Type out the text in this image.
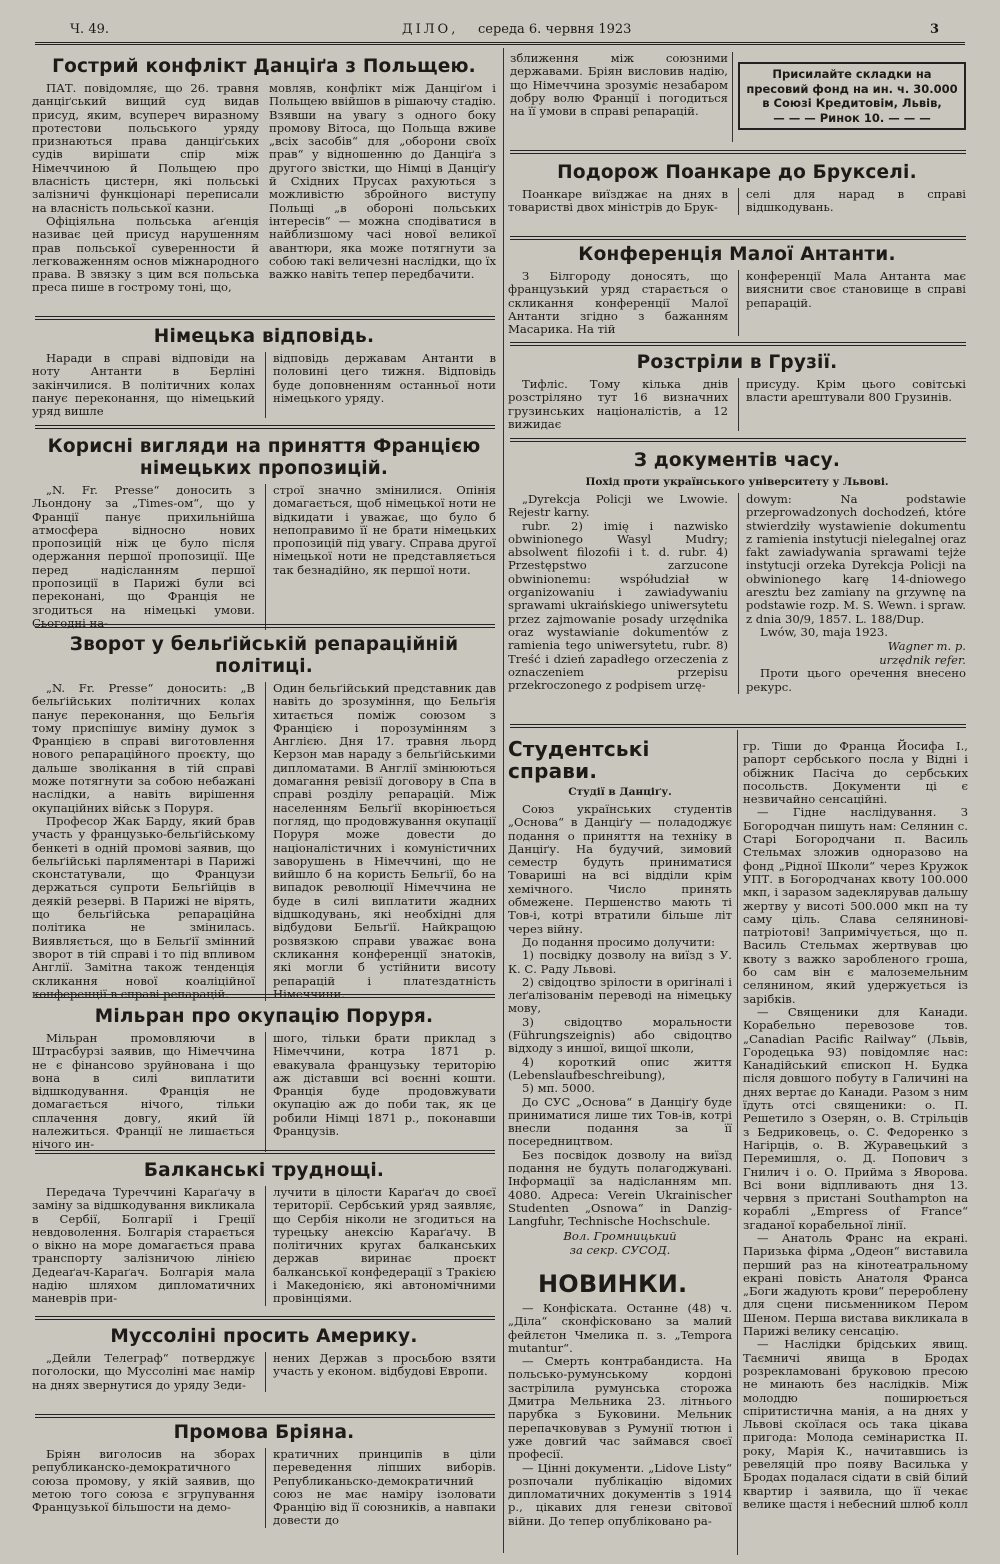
Ч. 49.	ДІЛО, середа 6. червня 1923	3
Гострий конфлікт Данціґа з Польщею.

ПАТ. повідомляє, що 26. травня данціґський вищий суд видав присуд, яким, всупереч виразному протестови польського уряду признаються права данціґських судів вирішати спір між Німеччиною й Польщею про власність цистерн, які польські залізничі функціонарі переписали на власність польської казни.

Офіціяльна польська аґенція називає цей присуд нарушенням прав польської суверенности й легковаженням основ міжнародного права. В звязку з цим вся польська преса пише в гострому тоні, що,

мовляв, конфлікт між Данціґом і Польщею ввійшов в рішаючу стадію. Взявши на увагу з одного боку промову Вітоса, що Польща вживе „всіх засобів“ для „оборони своїх прав“ у відношенню до Данціґа з другого звістки, що Німці в Данціґу й Східних Прусах рахуються з можливістю збройного виступу Польщі „в обороні польських інтересів“ — можна сподіватися в найблизшому часі нової великої авантюри, яка може потягнути за собою такі величезні наслідки, що їх важко навіть тепер передбачити.

Німецька відповідь.

Наради в справі відповіди на ноту Антанти в Берліні закінчилися. В політичних колах панує переконання, що німецький уряд вишле

відповідь державам Антанти в половині цего тижня. Відповідь буде доповненням останньої ноти німецького уряду.

Корисні вигляди на приняття Францією німецьких пропозицій.

„N. Fr. Presse“ доносить з Льондону за „Times-ом“, що у Франції панує прихильнійша атмосфера відносно нових пропозицій ніж це було після одержання першої пропозиції. Ще перед надісланням першої пропозиції в Парижі були всі переконані, що Франція не згодиться на німецькі умови. Сьогодні на-

строї значно змінилися. Опінія домагається, щоб німецької ноти не відкидати і уважає, що було б непоправимо її не брати німецьких пропозицій під увагу. Справа другої німецької ноти не представляється так безнадійно, як першої ноти.

Зворот у бельґійській репараційній політиці.

„N. Fr. Presse“ доносить: „В бельґійських політичних колах панує переконання, що Бельґія тому приспішує виміну думок з Францією в справі виготовлення нового репараційного проєкту, що дальше зволікання в тій справі може потягнути за собою небажані наслідки, а навіть вирішення окупаційних військ з Поруря.

Професор Жак Барду, який брав участь у французько-бельґійському бенкеті в одній промові заявив, що бельґійські парляментарі в Парижі сконстатували, що Французи держаться супроти Бельґійців в деякій резерві. В Парижі не вірять, що бельґійська репараційна політика не змінилась. Виявляється, що в Бельґії змінний зворот в тій справі і то під впливом Англії. Замітна також тенденція скликання нової коаліційної конференції в справі репарацій.

Один бельґійський представник дав навіть до зрозуміння, що Бельґія хитається поміж союзом з Францією і порозумінням з Англією. Дня 17. травня льорд Керзон мав нараду з бельґійськими дипломатами. В Англії змінюються домагання ревізії договору в Спа в справі розділу репарацій. Між населенням Бельґії вкорінюється погляд, що продовжування окупації Поруря може довести до націоналістичних і комуністичних заворушень в Німеччині, що не вийшло б на користь Бельґії, бо на випадок революції Німеччина не буде в силі виплатити жадних відшкодувань, які необхідні для відбудови Бельґії. Найкращою розвязкою справи уважає вона скликання конференції знатоків, які могли б устійнити висоту репарацій і платездатність Німеччини.

Мільран про окупацію Поруря.

Мільран промовляючи в Штрасбурзі заявив, що Німеччина не є фінансово зруйнована і що вона в силі виплатити відшкодування. Франція не домагається нічого, тільки сплачення довгу, який їй належиться. Франції не лишається нічого ин-

шого, тільки брати приклад з Німеччини, котра 1871 р. евакувала французьку територію аж діставши всі воєнні кошти. Франція буде продовжувати окупацію аж до поби так, як це робили Німці 1871 р., поконавши Французів.

Балканські труднощі.

Передача Туреччині Караґачу в заміну за відшкодування викликала в Сербії, Болгарії і Греції невдоволення. Болгарія старається о вікно на море домагається права транспорту залізничою лінією Дедеаґач-Караґач. Болгарія мала надію шляхом дипломатичних маневрів при-

лучити в цілости Караґач до своєї території. Сербський уряд заявляє, що Сербія ніколи не згодиться на турецьку анексію Караґачу. В політичних кругах балканських держав виринає проєкт балканської конфедерації з Тракією і Македонією, які автономічними провінціями.

Муссоліні просить Америку.

„Дейли Телеграф“ потверджує поголоски, що Муссоліні має намір на днях звернутися до уряду Зеди-

нених Держав з просьбою взяти участь у економ. відбудові Европи.

Промова Бріяна.

Бріян виголосив на зборах републиканско-демократичного союза промову, у якій заявив, що метою того союза є згрупування Французької більшости на демо-

кратичних принципів в ціли переведення ліпших виборів. Републиканьско-демократичний союз не має наміру ізоловати Францію від її союзників, а навпаки довести до

зближення між союзними державами. Бріян висловив надію, що Німеччина зрозуміє незабаром добру волю Франції і погодиться на її умови в справі репарацій.

Присилайте складки на пресовий фонд на ин. ч. 30.000
в Союзі Кредитовім, Львів,
— — — Ринок 10. — — —
Подорож Поанкаре до Брукселі.

Поанкаре виїзджає на днях в товаристві двох міністрів до Брук-

селі для нарад в справі відшкодувань.

Конференція Малої Антанти.

З Білгороду доносять, що французький уряд старається о скликання конференції Малої Антанти згідно з бажанням Масарика. На тій

конференції Мала Антанта має вияснити своє становище в справі репарацій.

Розстріли в Грузії.

Тифліс. Тому кілька днів розстріляно тут 16 визначних грузинських націоналістів, а 12 вижидає

присуду. Крім цього совітські власти арештували 800 Грузинів.

З документів часу.
Похід проти українського університету у Львові.

„Dyrekcja Policji we Lwowie. Rejestr karny.

rubr. 2) imię i nazwisko obwinionego Wasyl Mudry; absolwent filozofii i t. d. rubr. 4) Przestępstwo zarzucone obwinionemu: współudział w organizowaniu i zawiadywaniu sprawami ukraińskiego uniwersytetu przez zajmowanie posady urzędnika oraz wystawianie dokumentów z ramienia tego uniwersytetu, rubr. 8) Treść i dzień zapadłego orzeczenia z oznaczeniem przepisu przekroczonego z podpisem urzę-

dowym: Na podstawie przeprowadzonych dochodzeń, które stwierdziły wystawienie dokumentu z ramienia instytucji nielegalnej oraz fakt zawiadywania sprawami tejże instytucji orzeka Dyrekcja Policji na obwinionego karę 14-dniowego aresztu bez zamiany na grzywnę na podstawie rozp. M. S. Wewn. i spraw. z dnia 30/9, 1857. L. 188/Dup.

Lwów, 30, maja 1923.

Wagner m. p.
urzędnik refer.

Проти цього оречення внесено рекурс.

Студентські справи.
Студії в Данціґу.

Союз українських студентів „Основа“ в Данціґу — поладоджує подання о приняття на техніку в Данціґу. На будучий, зимовий семестр будуть приниматися Товариші на всі відділи крім хемічного. Число принять обмежене. Першенство мають ті Тов-і, котрі втратили більше літ через війну.

До подання просимо долучити:

1) посвідку дозволу на виїзд з У. К. С. Раду Львові.

2) свідоцтво зрілости в оригіналі і леґалізованім переводі на німецьку мову,

3) свідоцтво моральности (Führungszeignis) або свідоцтво відходу з иншої, вищої школи,

4) короткий опис життя (Lebenslaufbeschreibung),

5) мп. 5000.

До СУС „Основа“ в Данціґу буде приниматися лише тих Тов-ів, котрі внесли подання за її посередництвом.

Без посвідок дозволу на виїзд подання не будуть полагоджувані. Інформації за надісланням мп. 4080. Адреса: Verein Ukrainischer Studenten „Osnowa“ in Danzig-Langfuhr, Technische Hochschule.

Вол. Громницький
за секр. СУСОД.
НОВИНКИ.

— Конфіската. Останне (48) ч. „Діла“ сконфісковано за малий фейлєтон Чмелика п. з. „Tempora mutantur“.

— Смерть контрабандиста. На польсько-румунському кордоні застрілила румунська сторожа Дмитра Мельника 23. літнього парубка з Буковини. Мельник перепачковував з Румунії тютюн і уже довгий час займався своєї професії.

— Цінні документи. „Lidove Listy“ розпочали публікацію відомих дипломатичних документів з 1914 р., цікавих для генези світової війни. До тепер опубліковано ра-

гр. Тіши до Франца Йосифа I., рапорт сербського посла у Відні і обіжник Пасіча до сербських посольств. Документи ці є незвичайно сенсаційні.

— Гідне наслідування. З Богородчан пишуть нам: Селянин с. Старі Богородчани п. Василь Стельмах зложив одноразово на фонд „Рідної Школи“ через Кружок УПТ. в Богородчанах квоту 100.000 мкп, і заразом задеклярував дальшу жертву у висоті 500.000 мкп на ту саму ціль. Слава селянинові-патріотові! Запримічується, що п. Василь Стельмах жертвував цю квоту з важко заробленого гроша, бо сам він є малоземельним селянином, який удержується із зарібків.

— Священики для Канади. Корабельно перевозове тов. „Canadian Pacific Railway“ (Львів, Городецька 93) повідомляє нас: Канадійський єпископ Н. Будка після довшого побуту в Галичині на днях вертає до Канади. Разом з ним їдуть отсі священики: о. П. Решетило з Озерян, о. В. Стрільців з Бедриковець, о. С. Федоренко з Нагірців, о. В. Журавецький з Перемишля, о. Д. Попович з Гнилич і о. О. Приймa з Яворова. Всі вони відпливають дня 13. червня з пристані Southampton на кораблі „Empress of France“ згаданої корабельної лінії.

— Анатоль Франс на екрані. Паризька фірма „Одеон“ виставила перший раз на кінотеатральному екрані повість Анатоля Франса „Боги жадують крови“ перероблену для сцени письменником Пером Шеном. Перша вистава викликала в Парижі велику сенсацію.

— Наслідки брідських явищ. Таємничі явища в Бродах розрекламовані бруковою пресою не минають без наслідків. Між молоддю поширюється спіритистична манія, а на днях у Львові скоїлася ось така цікава пригода: Молода семінаристка II. року, Марія К., начитавшись із ревеляцій про появу Василька у Бродах подалася сідати в свій білий квартир і заявила, що її чекає велике щастя і небесний шлюб колл
